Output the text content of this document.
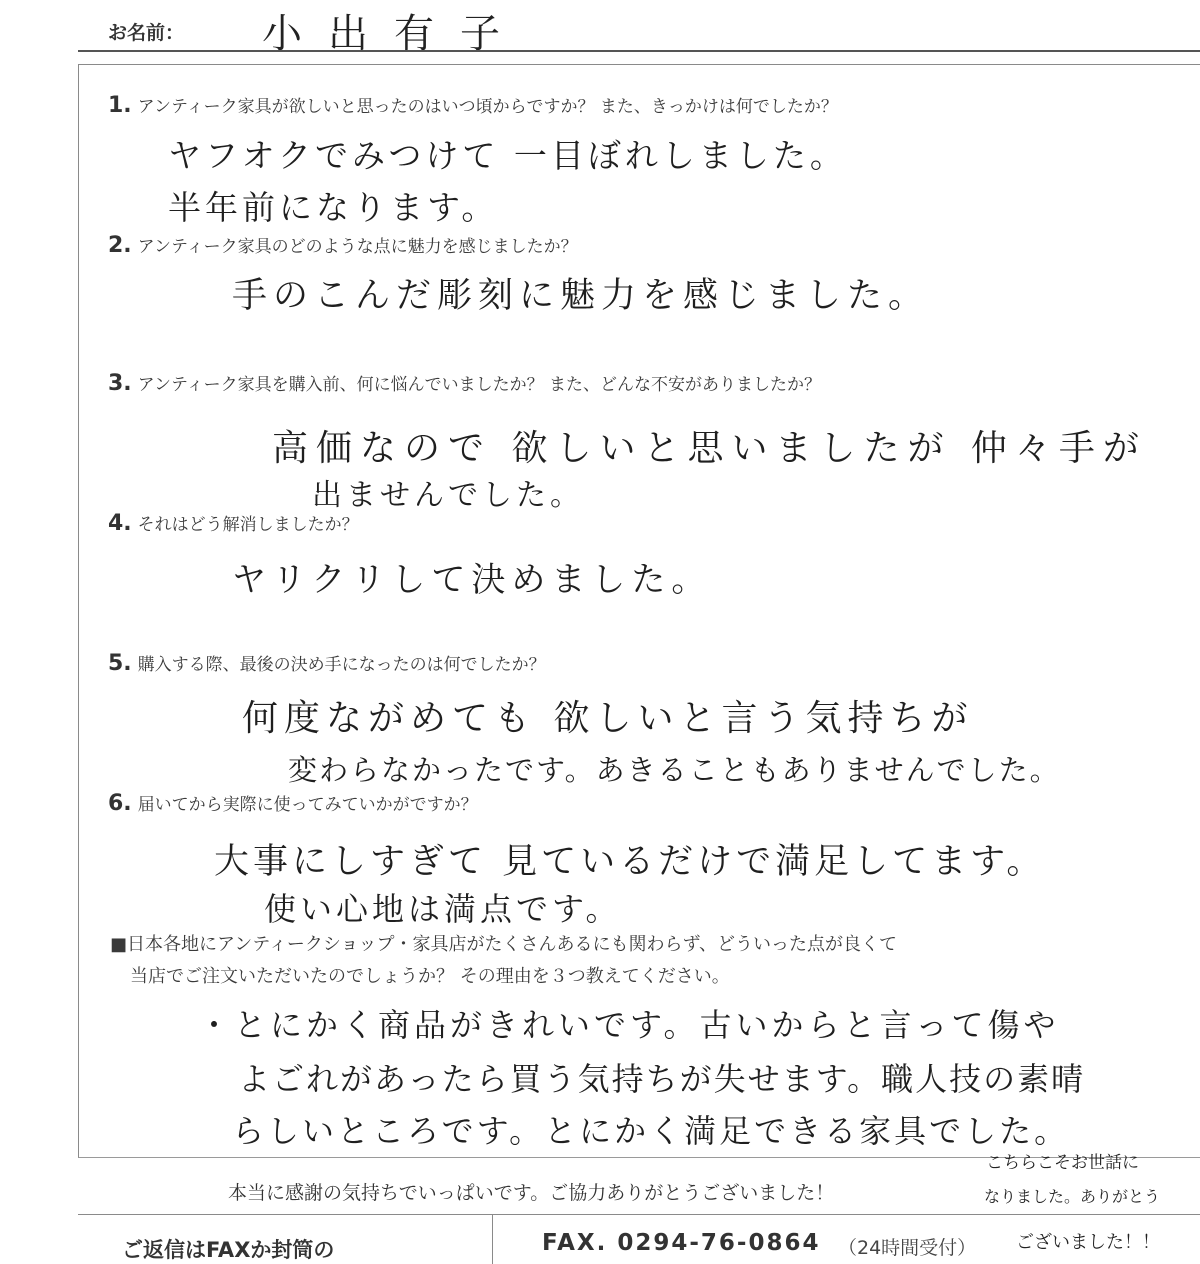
お名前： 小出有子
1. アンティーク家具が欲しいと思ったのはいつ頃からですか？ また、きっかけは何でしたか？
ヤフオクでみつけて 一目ぼれしました。
半年前になります。
2. アンティーク家具のどのような点に魅力を感じましたか？
手のこんだ彫刻に魅力を感じました。
3. アンティーク家具を購入前、何に悩んでいましたか？ また、どんな不安がありましたか？
高価なので 欲しいと思いましたが 仲々手が
出ませんでした。
4. それはどう解消しましたか？
ヤリクリして決めました。
5. 購入する際、最後の決め手になったのは何でしたか？
何度ながめても 欲しいと言う気持ちが
変わらなかったです。あきることもありませんでした。
6. 届いてから実際に使ってみていかがですか？
大事にしすぎて 見ているだけで満足してます。
使い心地は満点です。
■日本各地にアンティークショップ・家具店がたくさんあるにも関わらず、どういった点が良くて
当店でご注文いただいたのでしょうか？ その理由を３つ教えてください。
・とにかく商品がきれいです。古いからと言って傷や
よごれがあったら買う気持ちが失せます。職人技の素晴
らしいところです。とにかく満足できる家具でした。
本当に感謝の気持ちでいっぱいです。ご協力ありがとうございました！
こちらこそお世話に
なりました。ありがとう
ございました！！
ご返信はFAXか封筒の	FAX. 0294-76-0864 （24時間受付）
